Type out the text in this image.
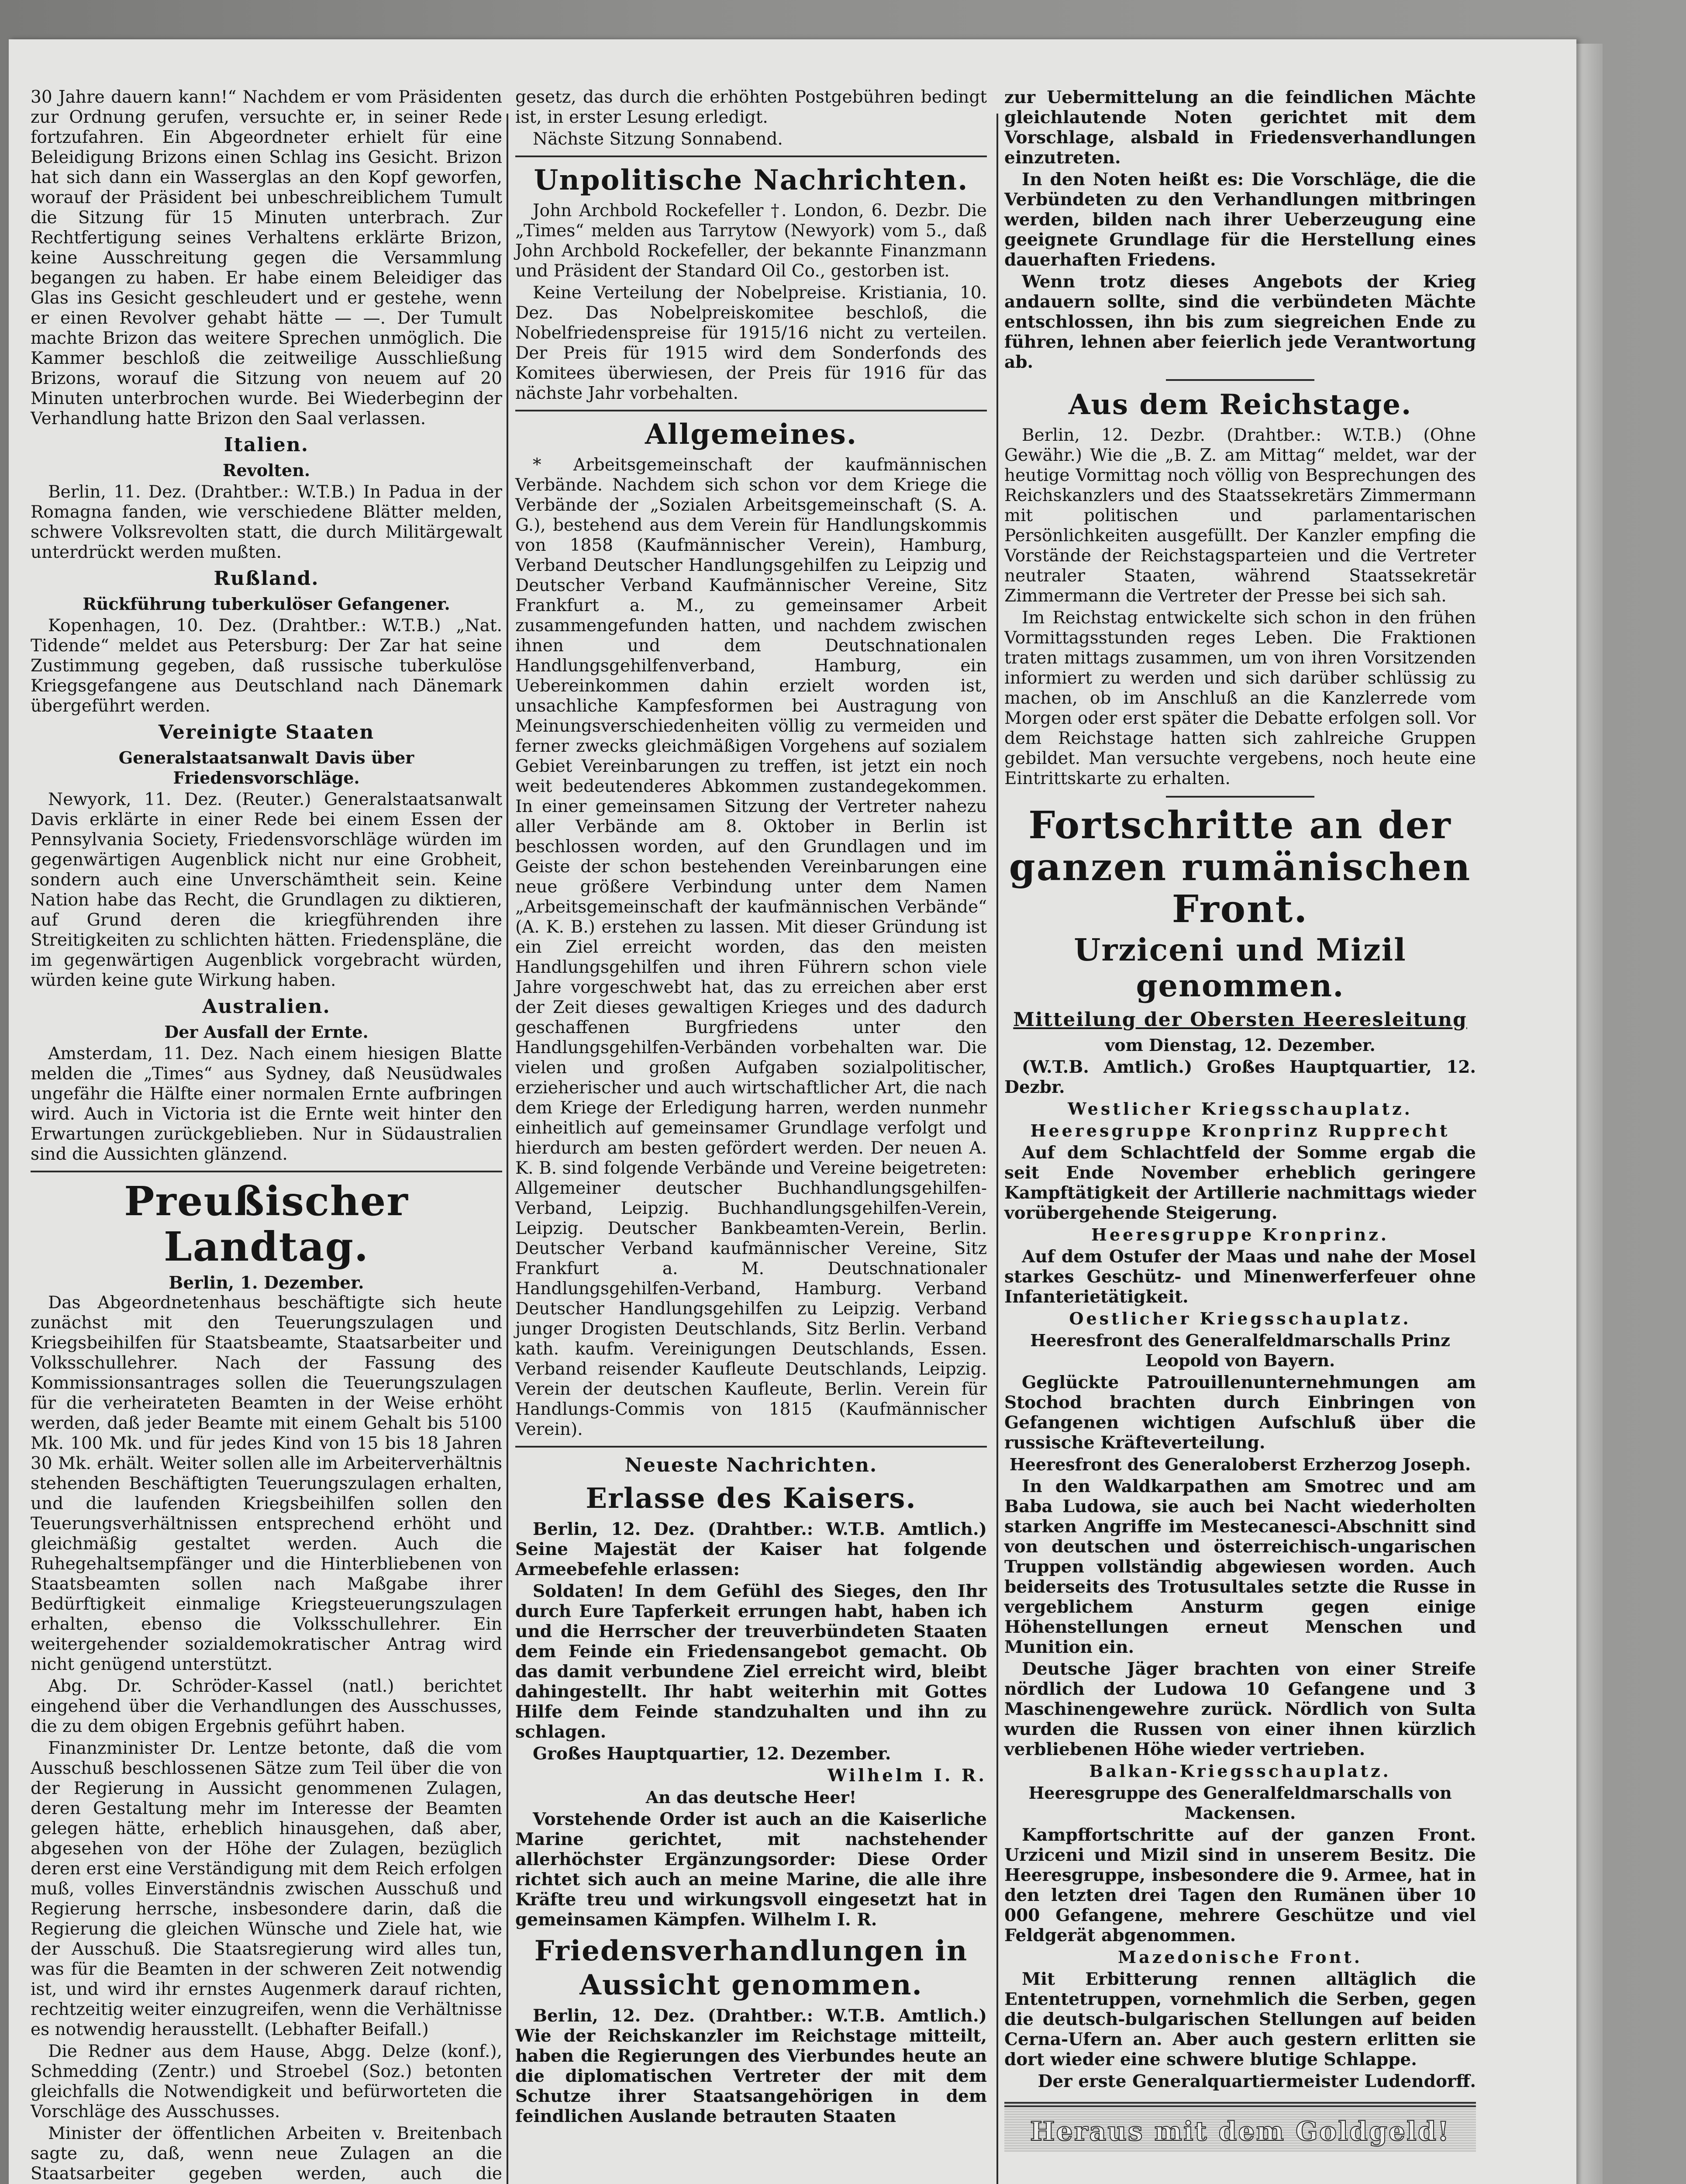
30 Jahre dauern kann!“ Nachdem er vom Präsidenten zur Ordnung gerufen, versuchte er, in seiner Rede fortzufahren. Ein Abgeordneter erhielt für eine Beleidigung Brizons einen Schlag ins Gesicht. Brizon hat sich dann ein Wasserglas an den Kopf geworfen, worauf der Präsident bei unbeschreiblichem Tumult die Sitzung für 15 Minuten unterbrach. Zur Rechtfertigung seines Verhaltens erklärte Brizon, keine Ausschreitung gegen die Versammlung begangen zu haben. Er habe einem Beleidiger das Glas ins Gesicht geschleudert und er gestehe, wenn er einen Revolver gehabt hätte — —. Der Tumult machte Brizon das weitere Sprechen unmöglich. Die Kammer beschloß die zeitweilige Ausschließung Brizons, worauf die Sitzung von neuem auf 20 Minuten unterbrochen wurde. Bei Wiederbeginn der Verhandlung hatte Brizon den Saal verlassen.

Italien.
Revolten.

Berlin, 11. Dez. (Drahtber.: W.T.B.) In Padua in der Romagna fanden, wie verschiedene Blätter melden, schwere Volksrevolten statt, die durch Militärgewalt unterdrückt werden mußten.

Rußland.
Rückführung tuberkulöser Gefangener.

Kopenhagen, 10. Dez. (Drahtber.: W.T.B.) „Nat. Tidende“ meldet aus Petersburg: Der Zar hat seine Zustimmung gegeben, daß russische tuberkulöse Kriegsgefangene aus Deutschland nach Dänemark übergeführt werden.

Vereinigte Staaten
Generalstaatsanwalt Davis über Friedensvorschläge.

Newyork, 11. Dez. (Reuter.) Generalstaatsanwalt Davis erklärte in einer Rede bei einem Essen der Pennsylvania Society, Friedensvorschläge würden im gegenwärtigen Augenblick nicht nur eine Grobheit, sondern auch eine Unverschämtheit sein. Keine Nation habe das Recht, die Grundlagen zu diktieren, auf Grund deren die kriegführenden ihre Streitigkeiten zu schlichten hätten. Friedenspläne, die im gegenwärtigen Augenblick vorgebracht würden, würden keine gute Wirkung haben.

Australien.
Der Ausfall der Ernte.

Amsterdam, 11. Dez. Nach einem hiesigen Blatte melden die „Times“ aus Sydney, daß Neusüdwales ungefähr die Hälfte einer normalen Ernte aufbringen wird. Auch in Victoria ist die Ernte weit hinter den Erwartungen zurückgeblieben. Nur in Südaustralien sind die Aussichten glänzend.

Preußischer Landtag.
Berlin, 1. Dezember.

Das Abgeordnetenhaus beschäftigte sich heute zunächst mit den Teuerungszulagen und Kriegsbeihilfen für Staatsbeamte, Staatsarbeiter und Volksschullehrer. Nach der Fassung des Kommissionsantrages sollen die Teuerungszulagen für die verheirateten Beamten in der Weise erhöht werden, daß jeder Beamte mit einem Gehalt bis 5100 Mk. 100 Mk. und für jedes Kind von 15 bis 18 Jahren 30 Mk. erhält. Weiter sollen alle im Arbeiterverhältnis stehenden Beschäftigten Teuerungszulagen erhalten, und die laufenden Kriegsbeihilfen sollen den Teuerungsverhältnissen entsprechend erhöht und gleichmäßig gestaltet werden. Auch die Ruhegehaltsempfänger und die Hinterbliebenen von Staatsbeamten sollen nach Maßgabe ihrer Bedürftigkeit einmalige Kriegsteuerungszulagen erhalten, ebenso die Volksschullehrer. Ein weitergehender sozialdemokratischer Antrag wird nicht genügend unterstützt.

Abg. Dr. Schröder-Kassel (natl.) berichtet eingehend über die Verhandlungen des Ausschusses, die zu dem obigen Ergebnis geführt haben.

Finanzminister Dr. Lentze betonte, daß die vom Ausschuß beschlossenen Sätze zum Teil über die von der Regierung in Aussicht genommenen Zulagen, deren Gestaltung mehr im Interesse der Beamten gelegen hätte, erheblich hinausgehen, daß aber, abgesehen von der Höhe der Zulagen, bezüglich deren erst eine Verständigung mit dem Reich erfolgen muß, volles Einverständnis zwischen Ausschuß und Regierung herrsche, insbesondere darin, daß die Regierung die gleichen Wünsche und Ziele hat, wie der Ausschuß. Die Staatsregierung wird alles tun, was für die Beamten in der schweren Zeit notwendig ist, und wird ihr ernstes Augenmerk darauf richten, rechtzeitig weiter einzugreifen, wenn die Verhältnisse es notwendig herausstellt. (Lebhafter Beifall.)

Die Redner aus dem Hause, Abgg. Delze (konf.), Schmedding (Zentr.) und Stroebel (Soz.) betonten gleichfalls die Notwendigkeit und befürworteten die Vorschläge des Ausschusses.

Minister der öffentlichen Arbeiten v. Breitenbach sagte zu, daß, wenn neue Zulagen an die Staatsarbeiter gegeben werden, auch die

gesetz, das durch die erhöhten Postgebühren bedingt ist, in erster Lesung erledigt.

Nächste Sitzung Sonnabend.

Unpolitische Nachrichten.

John Archbold Rockefeller †. London, 6. Dezbr. Die „Times“ melden aus Tarrytow (Newyork) vom 5., daß John Archbold Rockefeller, der bekannte Finanzmann und Präsident der Standard Oil Co., gestorben ist.

Keine Verteilung der Nobelpreise. Kristiania, 10. Dez. Das Nobelpreiskomitee beschloß, die Nobelfriedenspreise für 1915/16 nicht zu verteilen. Der Preis für 1915 wird dem Sonderfonds des Komitees überwiesen, der Preis für 1916 für das nächste Jahr vorbehalten.

Allgemeines.

* Arbeitsgemeinschaft der kaufmännischen Verbände. Nachdem sich schon vor dem Kriege die Verbände der „Sozialen Arbeitsgemeinschaft (S. A. G.), bestehend aus dem Verein für Handlungskommis von 1858 (Kaufmännischer Verein), Hamburg, Verband Deutscher Handlungsgehilfen zu Leipzig und Deutscher Verband Kaufmännischer Vereine, Sitz Frankfurt a. M., zu gemeinsamer Arbeit zusammengefunden hatten, und nachdem zwischen ihnen und dem Deutschnationalen Handlungsgehilfenverband, Hamburg, ein Uebereinkommen dahin erzielt worden ist, unsachliche Kampfesformen bei Austragung von Meinungsverschiedenheiten völlig zu vermeiden und ferner zwecks gleichmäßigen Vorgehens auf sozialem Gebiet Vereinbarungen zu treffen, ist jetzt ein noch weit bedeutenderes Abkommen zustandegekommen. In einer gemeinsamen Sitzung der Vertreter nahezu aller Verbände am 8. Oktober in Berlin ist beschlossen worden, auf den Grundlagen und im Geiste der schon bestehenden Vereinbarungen eine neue größere Verbindung unter dem Namen „Arbeitsgemeinschaft der kaufmännischen Verbände“ (A. K. B.) erstehen zu lassen. Mit dieser Gründung ist ein Ziel erreicht worden, das den meisten Handlungsgehilfen und ihren Führern schon viele Jahre vorgeschwebt hat, das zu erreichen aber erst der Zeit dieses gewaltigen Krieges und des dadurch geschaffenen Burgfriedens unter den Handlungsgehilfen-Verbänden vorbehalten war. Die vielen und großen Aufgaben sozialpolitischer, erzieherischer und auch wirtschaftlicher Art, die nach dem Kriege der Erledigung harren, werden nunmehr einheitlich auf gemeinsamer Grundlage verfolgt und hierdurch am besten gefördert werden. Der neuen A. K. B. sind folgende Verbände und Vereine beigetreten: Allgemeiner deutscher Buchhandlungsgehilfen-Verband, Leipzig. Buchhandlungsgehilfen-Verein, Leipzig. Deutscher Bankbeamten-Verein, Berlin. Deutscher Verband kaufmännischer Vereine, Sitz Frankfurt a. M. Deutschnationaler Handlungsgehilfen-Verband, Hamburg. Verband Deutscher Handlungsgehilfen zu Leipzig. Verband junger Drogisten Deutschlands, Sitz Berlin. Verband kath. kaufm. Vereinigungen Deutschlands, Essen. Verband reisender Kaufleute Deutschlands, Leipzig. Verein der deutschen Kaufleute, Berlin. Verein für Handlungs-Commis von 1815 (Kaufmännischer Verein).

Neueste Nachrichten.
Erlasse des Kaisers.

Berlin, 12. Dez. (Drahtber.: W.T.B. Amtlich.) Seine Majestät der Kaiser hat folgende Armeebefehle erlassen:

Soldaten! In dem Gefühl des Sieges, den Ihr durch Eure Tapferkeit errungen habt, haben ich und die Herrscher der treuverbündeten Staaten dem Feinde ein Friedensangebot gemacht. Ob das damit verbundene Ziel erreicht wird, bleibt dahingestellt. Ihr habt weiterhin mit Gottes Hilfe dem Feinde standzuhalten und ihn zu schlagen.

Großes Hauptquartier, 12. Dezember.

Wilhelm I. R.
An das deutsche Heer!

Vorstehende Order ist auch an die Kaiserliche Marine gerichtet, mit nachstehender allerhöchster Ergänzungsorder: Diese Order richtet sich auch an meine Marine, die alle ihre Kräfte treu und wirkungsvoll eingesetzt hat in gemeinsamen Kämpfen. Wilhelm I. R.

Friedensverhandlungen in Aussicht genommen.

Berlin, 12. Dez. (Drahtber.: W.T.B. Amtlich.) Wie der Reichskanzler im Reichstage mitteilt, haben die Regierungen des Vierbundes heute an die diplomatischen Vertreter der mit dem Schutze ihrer Staatsangehörigen in dem feindlichen Auslande betrauten Staaten

zur Uebermittelung an die feindlichen Mächte gleichlautende Noten gerichtet mit dem Vorschlage, alsbald in Friedensverhandlungen einzutreten.

In den Noten heißt es: Die Vorschläge, die die Verbündeten zu den Verhandlungen mitbringen werden, bilden nach ihrer Ueberzeugung eine geeignete Grundlage für die Herstellung eines dauerhaften Friedens.

Wenn trotz dieses Angebots der Krieg andauern sollte, sind die verbündeten Mächte entschlossen, ihn bis zum siegreichen Ende zu führen, lehnen aber feierlich jede Verantwortung ab.

Aus dem Reichstage.

Berlin, 12. Dezbr. (Drahtber.: W.T.B.) (Ohne Gewähr.) Wie die „B. Z. am Mittag“ meldet, war der heutige Vormittag noch völlig von Besprechungen des Reichskanzlers und des Staatssekretärs Zimmermann mit politischen und parlamentarischen Persönlichkeiten ausgefüllt. Der Kanzler empfing die Vorstände der Reichstagsparteien und die Vertreter neutraler Staaten, während Staatssekretär Zimmermann die Vertreter der Presse bei sich sah.

Im Reichstag entwickelte sich schon in den frühen Vormittagsstunden reges Leben. Die Fraktionen traten mittags zusammen, um von ihren Vorsitzenden informiert zu werden und sich darüber schlüssig zu machen, ob im Anschluß an die Kanzlerrede vom Morgen oder erst später die Debatte erfolgen soll. Vor dem Reichstage hatten sich zahlreiche Gruppen gebildet. Man versuchte vergebens, noch heute eine Eintrittskarte zu erhalten.

Fortschritte an der ganzen rumänischen Front.
Urziceni und Mizil genommen.
Mitteilung der Obersten Heeresleitung
vom Dienstag, 12. Dezember.

(W.T.B. Amtlich.) Großes Hauptquartier, 12. Dezbr.

Westlicher Kriegsschauplatz.
Heeresgruppe Kronprinz Rupprecht

Auf dem Schlachtfeld der Somme ergab die seit Ende November erheblich geringere Kampftätigkeit der Artillerie nachmittags wieder vorübergehende Steigerung.

Heeresgruppe Kronprinz.

Auf dem Ostufer der Maas und nahe der Mosel starkes Geschütz- und Minenwerferfeuer ohne Infanterietätigkeit.

Oestlicher Kriegsschauplatz.
Heeresfront des Generalfeldmarschalls Prinz Leopold von Bayern.

Geglückte Patrouillenunternehmungen am Stochod brachten durch Einbringen von Gefangenen wichtigen Aufschluß über die russische Kräfteverteilung.

Heeresfront des Generaloberst Erzherzog Joseph.

In den Waldkarpathen am Smotrec und am Baba Ludowa, sie auch bei Nacht wiederholten starken Angriffe im Mestecanesci-Abschnitt sind von deutschen und österreichisch-ungarischen Truppen vollständig abgewiesen worden. Auch beiderseits des Trotusultales setzte die Russe in vergeblichem Ansturm gegen einige Höhenstellungen erneut Menschen und Munition ein.

Deutsche Jäger brachten von einer Streife nördlich der Ludowa 10 Gefangene und 3 Maschinengewehre zurück. Nördlich von Sulta wurden die Russen von einer ihnen kürzlich verbliebenen Höhe wieder vertrieben.

Balkan-Kriegsschauplatz.
Heeresgruppe des Generalfeldmarschalls von Mackensen.

Kampffortschritte auf der ganzen Front. Urziceni und Mizil sind in unserem Besitz. Die Heeresgruppe, insbesondere die 9. Armee, hat in den letzten drei Tagen den Rumänen über 10 000 Gefangene, mehrere Geschütze und viel Feldgerät abgenommen.

Mazedonische Front.

Mit Erbitterung rennen alltäglich die Ententetruppen, vornehmlich die Serben, gegen die deutsch-bulgarischen Stellungen auf beiden Cerna-Ufern an. Aber auch gestern erlitten sie dort wieder eine schwere blutige Schlappe.

Der erste Generalquartiermeister Ludendorff.
Heraus mit dem Goldgeld!
